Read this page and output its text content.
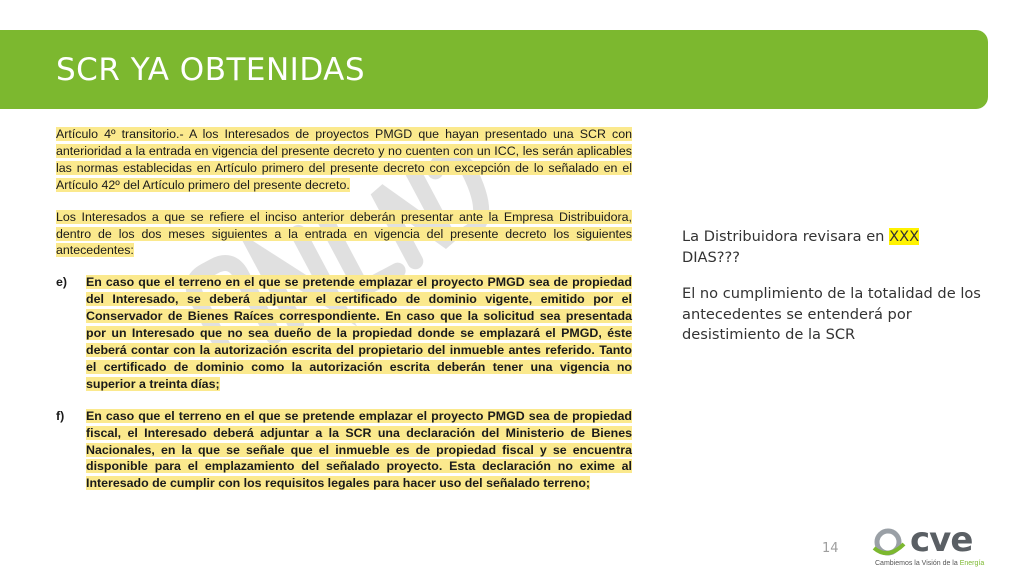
SCR YA OBTENIDAS

Artículo 4º transitorio.- A los Interesados de proyectos PMGD que hayan presentado una SCR con anterioridad a la entrada en vigencia del presente decreto y no cuenten con un ICC, les serán aplicables las normas establecidas en Artículo primero del presente decreto con excepción de lo señalado en el Artículo 42º del Artículo primero del presente decreto.

Los Interesados a que se refiere el inciso anterior deberán presentar ante la Empresa Distribuidora, dentro de los dos meses siguientes a la entrada en vigencia del presente decreto los siguientes antecedentes:

e)	En caso que el terreno en el que se pretende emplazar el proyecto PMGD sea de propiedad del Interesado, se deberá adjuntar el certificado de dominio vigente, emitido por el Conservador de Bienes Raíces correspondiente. En caso que la solicitud sea presentada por un Interesado que no sea dueño de la propiedad donde se emplazará el PMGD, éste deberá contar con la autorización escrita del propietario del inmueble antes referido. Tanto el certificado de dominio como la autorización escrita deberán tener una vigencia no superior a treinta días;
f)	En caso que el terreno en el que se pretende emplazar el proyecto PMGD sea de propiedad fiscal, el Interesado deberá adjuntar a la SCR una declaración del Ministerio de Bienes Nacionales, en la que se señale que el inmueble es de propiedad fiscal y se encuentra disponible para el emplazamiento del señalado proyecto. Esta declaración no exime al Interesado de cumplir con los requisitos legales para hacer uso del señalado terreno;

La Distribuidora revisara en XXX
DIAS???

El no cumplimiento de la totalidad de los antecedentes se entenderá por desistimiento de la SCR

14 cve
Cambiemos la Visión de la Energía
